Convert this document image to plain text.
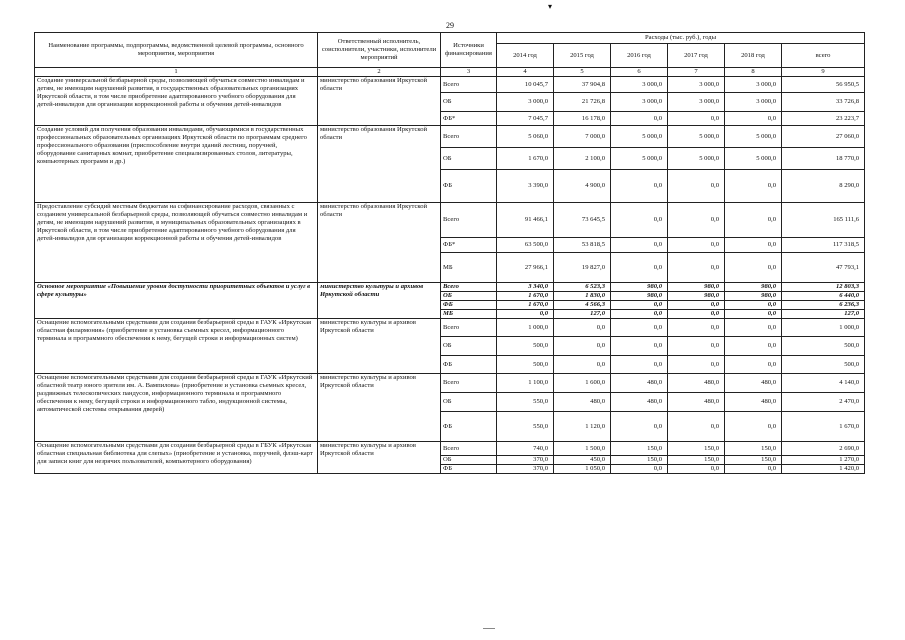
▾
29
Наименование программы, подпрограммы, ведомственной целевой программы, основного мероприятия, мероприятия	Ответственный исполнитель, соисполнители, участники, исполнители мероприятий	Источники финансирования	Расходы (тыс. руб.), годы					
			2014 год	2015 год	2016 год	2017 год	2018 год	всего
1	2	3	4	5	6	7	8	9
Создание универсальной безбарьерной среды, позволяющей обучаться совместно инвалидам и детям, не имеющим нарушений развития, в государственных образовательных организациях Иркутской области, в том числе приобретение адаптированного учебного оборудования для детей-инвалидов для организации коррекционной работы и обучения детей-инвалидов	министерство образования Иркутской области	Всего	10 045,7	37 904,8	3 000,0	3 000,0	3 000,0	56 950,5
		ОБ	3 000,0	21 726,8	3 000,0	3 000,0	3 000,0	33 726,8
		ФБ*	7 045,7	16 178,0	0,0	0,0	0,0	23 223,7
Создание условий для получения образования инвалидами, обучающимися в государственных профессиональных образовательных организациях Иркутской области по программам среднего профессионального образования (приспособление внутри зданий лестниц, поручней, оборудование санитарных комнат, приобретение специализированных столов, литературы, компьютерных программ и др.)	министерство образования Иркутской области	Всего	5 060,0	7 000,0	5 000,0	5 000,0	5 000,0	27 060,0
		ОБ	1 670,0	2 100,0	5 000,0	5 000,0	5 000,0	18 770,0
		ФБ	3 390,0	4 900,0	0,0	0,0	0,0	8 290,0
Предоставление субсидий местным бюджетам на софинансирование расходов, связанных с созданием универсальной безбарьерной среды, позволяющей обучаться совместно инвалидам и детям, не имеющим нарушений развития, в муниципальных образовательных организациях в Иркутской области, в том числе приобретение адаптированного учебного оборудования для детей-инвалидов для организации коррекционной работы и обучения детей-инвалидов	министерство образования Иркутской области	Всего	91 466,1	73 645,5	0,0	0,0	0,0	165 111,6
		ФБ*	63 500,0	53 818,5	0,0	0,0	0,0	117 318,5
		МБ	27 966,1	19 827,0	0,0	0,0	0,0	47 793,1
Основное мероприятие «Повышение уровня доступности приоритетных объектов и услуг в сфере культуры»	министерство культуры и архивов Иркутской области	Всего	3 340,0	6 523,3	980,0	980,0	980,0	12 803,3
		ОБ	1 670,0	1 830,0	980,0	980,0	980,0	6 440,0
		ФБ	1 670,0	4 566,3	0,0	0,0	0,0	6 236,3
		МБ	0,0	127,0	0,0	0,0	0,0	127,0
Оснащение вспомогательными средствами для создания безбарьерной среды в ГАУК «Иркутская областная филармония» (приобретение и установка съемных кресел, информационного терминала и программного обеспечения к нему, бегущей строки и информационных систем)	министерство культуры и архивов Иркутской области	Всего	1 000,0	0,0	0,0	0,0	0,0	1 000,0
		ОБ	500,0	0,0	0,0	0,0	0,0	500,0
		ФБ	500,0	0,0	0,0	0,0	0,0	500,0
Оснащение вспомогательными средствами для создания безбарьерной среды в ГАУК «Иркутский областной театр юного зрителя им. А. Вампилова» (приобретение и установка съемных кресел, раздвижных телескопических пандусов, информационного терминала и программного обеспечения к нему, бегущей строки и информационного табло, индукционной системы, автоматической системы открывания дверей)	министерство культуры и архивов Иркутской области	Всего	1 100,0	1 600,0	480,0	480,0	480,0	4 140,0
		ОБ	550,0	480,0	480,0	480,0	480,0	2 470,0
		ФБ	550,0	1 120,0	0,0	0,0	0,0	1 670,0
Оснащение вспомогательными средствами для создания безбарьерной среды в ГБУК «Иркутская областная специальная библиотека для слепых» (приобретение и установка, поручней, флэш-карт для записи книг для незрячих пользователей, компьютерного оборудования)	министерство культуры и архивов Иркутской области	Всего	740,0	1 500,0	150,0	150,0	150,0	2 690,0
		ОБ	370,0	450,0	150,0	150,0	150,0	1 270,0
		ФБ	370,0	1 050,0	0,0	0,0	0,0	1 420,0
